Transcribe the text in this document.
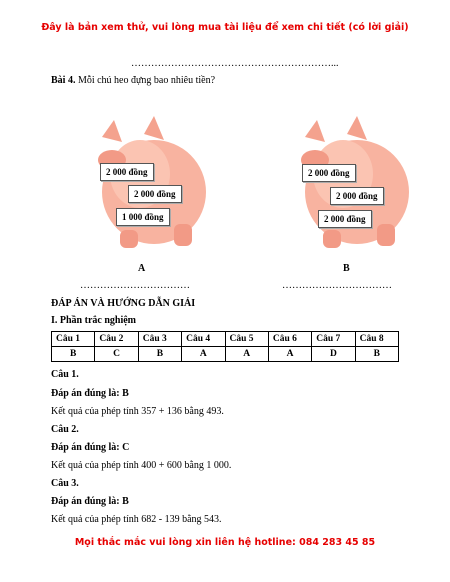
Đây là bản xem thử, vui lòng mua tài liệu để xem chi tiết (có lời giải)
……………………………………………………...
Bài 4. Mỗi chú heo đựng bao nhiêu tiền?
2 000 đồng
2 000 đồng
1 000 đồng
2 000 đồng
2 000 đồng
2 000 đồng
A	B
……………………………	……………………………
ĐÁP ÁN VÀ HƯỚNG DẪN GIẢI
I. Phần trắc nghiệm
Câu 1	Câu 2	Câu 3	Câu 4	Câu 5	Câu 6	Câu 7	Câu 8
B	C	B	A	A	A	D	B
Câu 1.
Đáp án đúng là: B
Kết quả của phép tính 357 + 136 bằng 493.
Câu 2.
Đáp án đúng là: C
Kết quả của phép tính 400 + 600 bằng 1 000.
Câu 3.
Đáp án đúng là: B
Kết quả của phép tính 682 - 139 bằng 543.
Mọi thắc mắc vui lòng xin liên hệ hotline: 084 283 45 85
